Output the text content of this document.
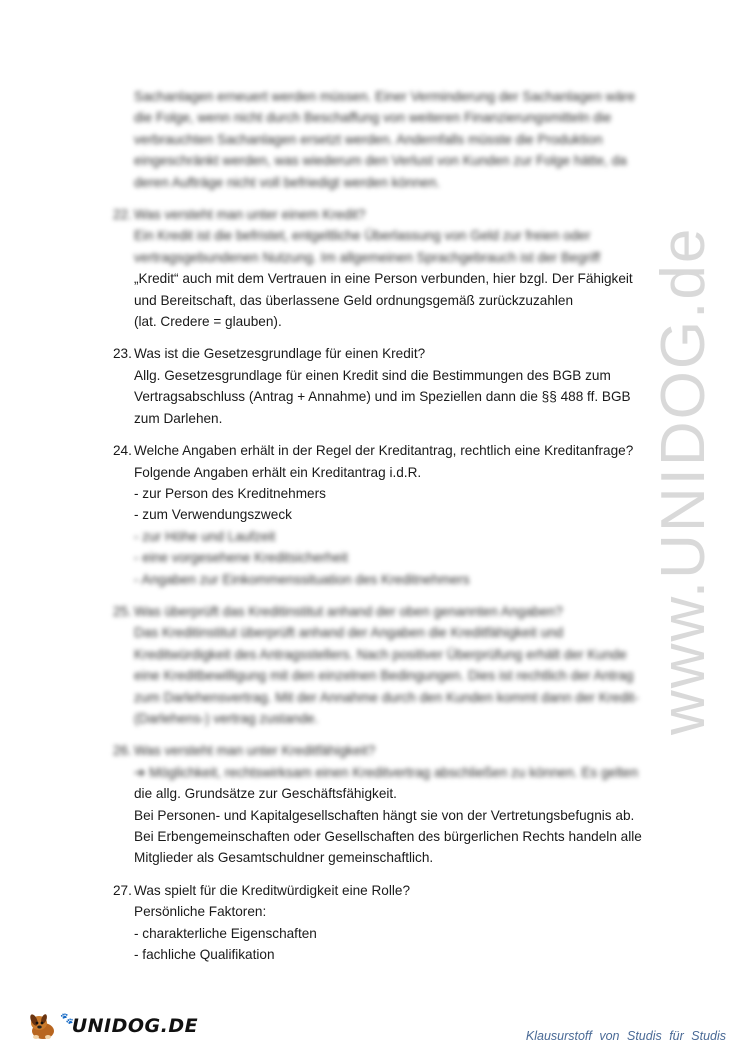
www.UNIDOG.de
Sachanlagen erneuert werden müssen. Einer Verminderung der Sachanlagen wäre
die Folge, wenn nicht durch Beschaffung von weiteren Finanzierungsmitteln die
verbrauchten Sachanlagen ersetzt werden. Andernfalls müsste die Produktion
eingeschränkt werden, was wiederum den Verlust von Kunden zur Folge hätte, da
deren Aufträge nicht voll befriedigt werden können.
22. Was versteht man unter einem Kredit?
Ein Kredit ist die befristet, entgeltliche Überlassung von Geld zur freien oder
vertragsgebundenen Nutzung. Im allgemeinen Sprachgebrauch ist der Begriff
„Kredit“ auch mit dem Vertrauen in eine Person verbunden, hier bzgl. Der Fähigkeit
und Bereitschaft, das überlassene Geld ordnungsgemäß zurückzuzahlen
(lat. Credere = glauben).
23. Was ist die Gesetzesgrundlage für einen Kredit?
Allg. Gesetzesgrundlage für einen Kredit sind die Bestimmungen des BGB zum
Vertragsabschluss (Antrag + Annahme) und im Speziellen dann die §§ 488 ff. BGB
zum Darlehen.
24. Welche Angaben erhält in der Regel der Kreditantrag, rechtlich eine Kreditanfrage?
Folgende Angaben erhält ein Kreditantrag i.d.R.
- zur Person des Kreditnehmers
- zum Verwendungszweck
- zur Höhe und Laufzeit
- eine vorgesehene Kreditsicherheit
- Angaben zur Einkommenssituation des Kreditnehmers
25. Was überprüft das Kreditinstitut anhand der oben genannten Angaben?
Das Kreditinstitut überprüft anhand der Angaben die Kreditfähigkeit und
Kreditwürdigkeit des Antragsstellers. Nach positiver Überprüfung erhält der Kunde
eine Kreditbewilligung mit den einzelnen Bedingungen. Dies ist rechtlich der Antrag
zum Darlehensvertrag. Mit der Annahme durch den Kunden kommt dann der Kredit-
(Darlehens-) vertrag zustande.
26. Was versteht man unter Kreditfähigkeit?
➔ Möglichkeit, rechtswirksam einen Kreditvertrag abschließen zu können. Es gelten
die allg. Grundsätze zur Geschäftsfähigkeit.
Bei Personen- und Kapitalgesellschaften hängt sie von der Vertretungsbefugnis ab.
Bei Erbengemeinschaften oder Gesellschaften des bürgerlichen Rechts handeln alle
Mitglieder als Gesamtschuldner gemeinschaftlich.
27. Was spielt für die Kreditwürdigkeit eine Rolle?
Persönliche Faktoren:
- charakterliche Eigenschaften
- fachliche Qualifikation
🐾
UNIDOG.DE	Klausurstoff von Studis für Studis
